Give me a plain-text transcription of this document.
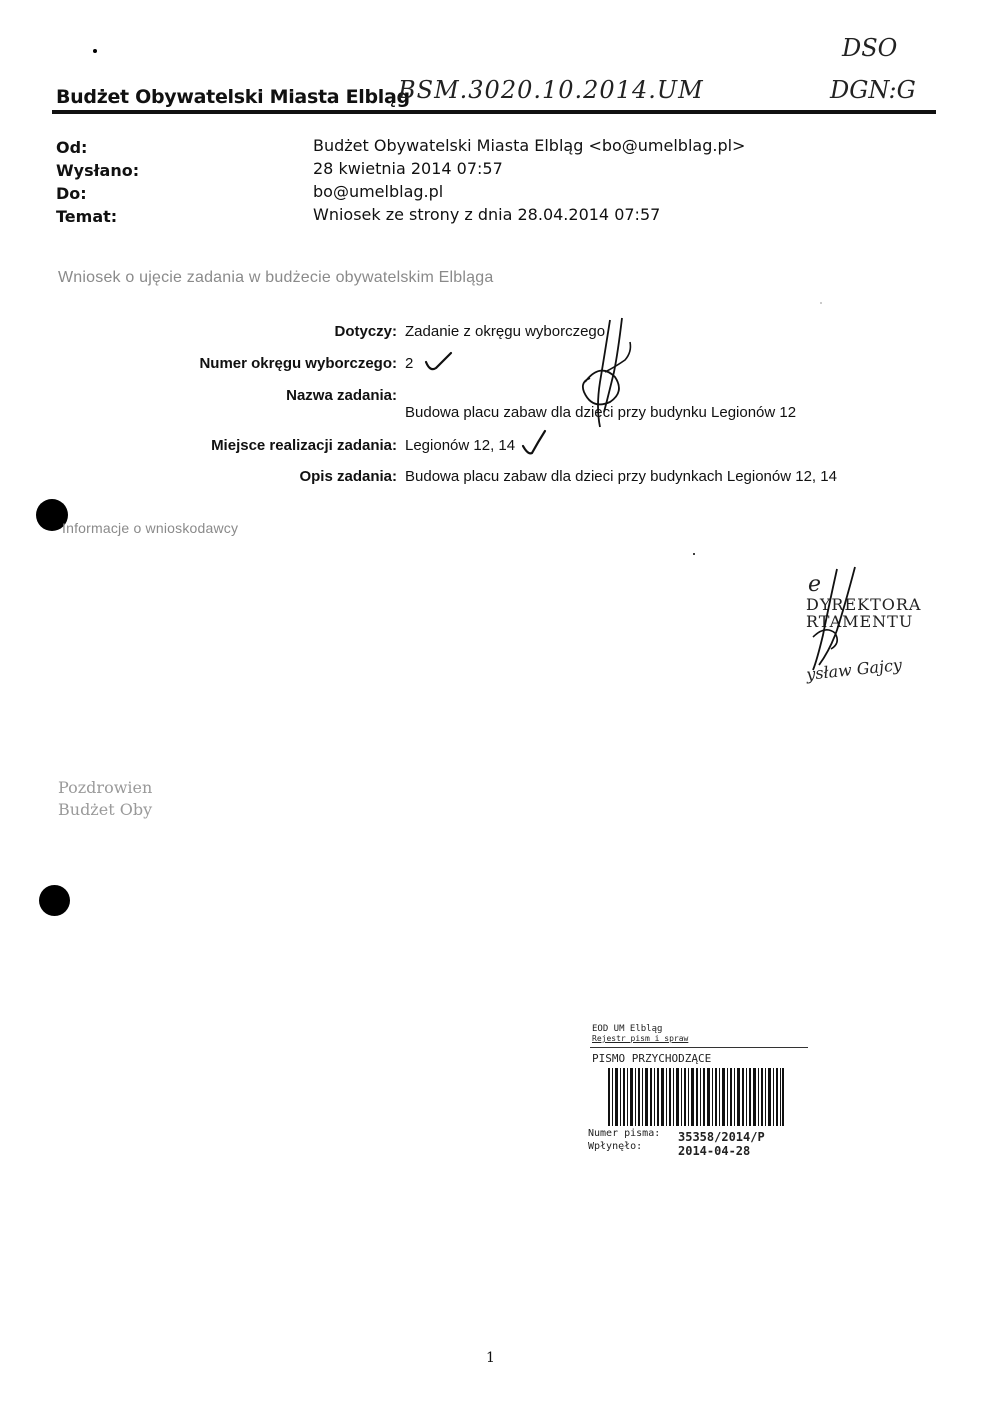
Budżet Obywatelski Miasta Elbląg
BSM.3020.10.2014.UM
DSO
DGN:G
Od:	Budżet Obywatelski Miasta Elbląg <bo@umelblag.pl>
Wysłano:	28 kwietnia 2014 07:57
Do:	bo@umelblag.pl
Temat:	Wniosek ze strony z dnia 28.04.2014 07:57
Wniosek o ujęcie zadania w budżecie obywatelskim Elbląga
Dotyczy: Zadanie z okręgu wyborczego
Numer okręgu wyborczego: 2
Nazwa zadania:
Budowa placu zabaw dla dzieci przy budynku Legionów 12
Miejsce realizacji zadania: Legionów 12, 14
Opis zadania: Budowa placu zabaw dla dzieci przy budynkach Legionów 12, 14
Informacje o wnioskodawcy
e
DYREKTORA
RTAMENTU
ysław Gajcy
Pozdrowien
Budżet Oby
EOD UM Elbląg
Rejestr pism i spraw
PISMO PRZYCHODZĄCE
Numer pisma: 35358/2014/P
Wpłynęło:	2014-04-28
1
